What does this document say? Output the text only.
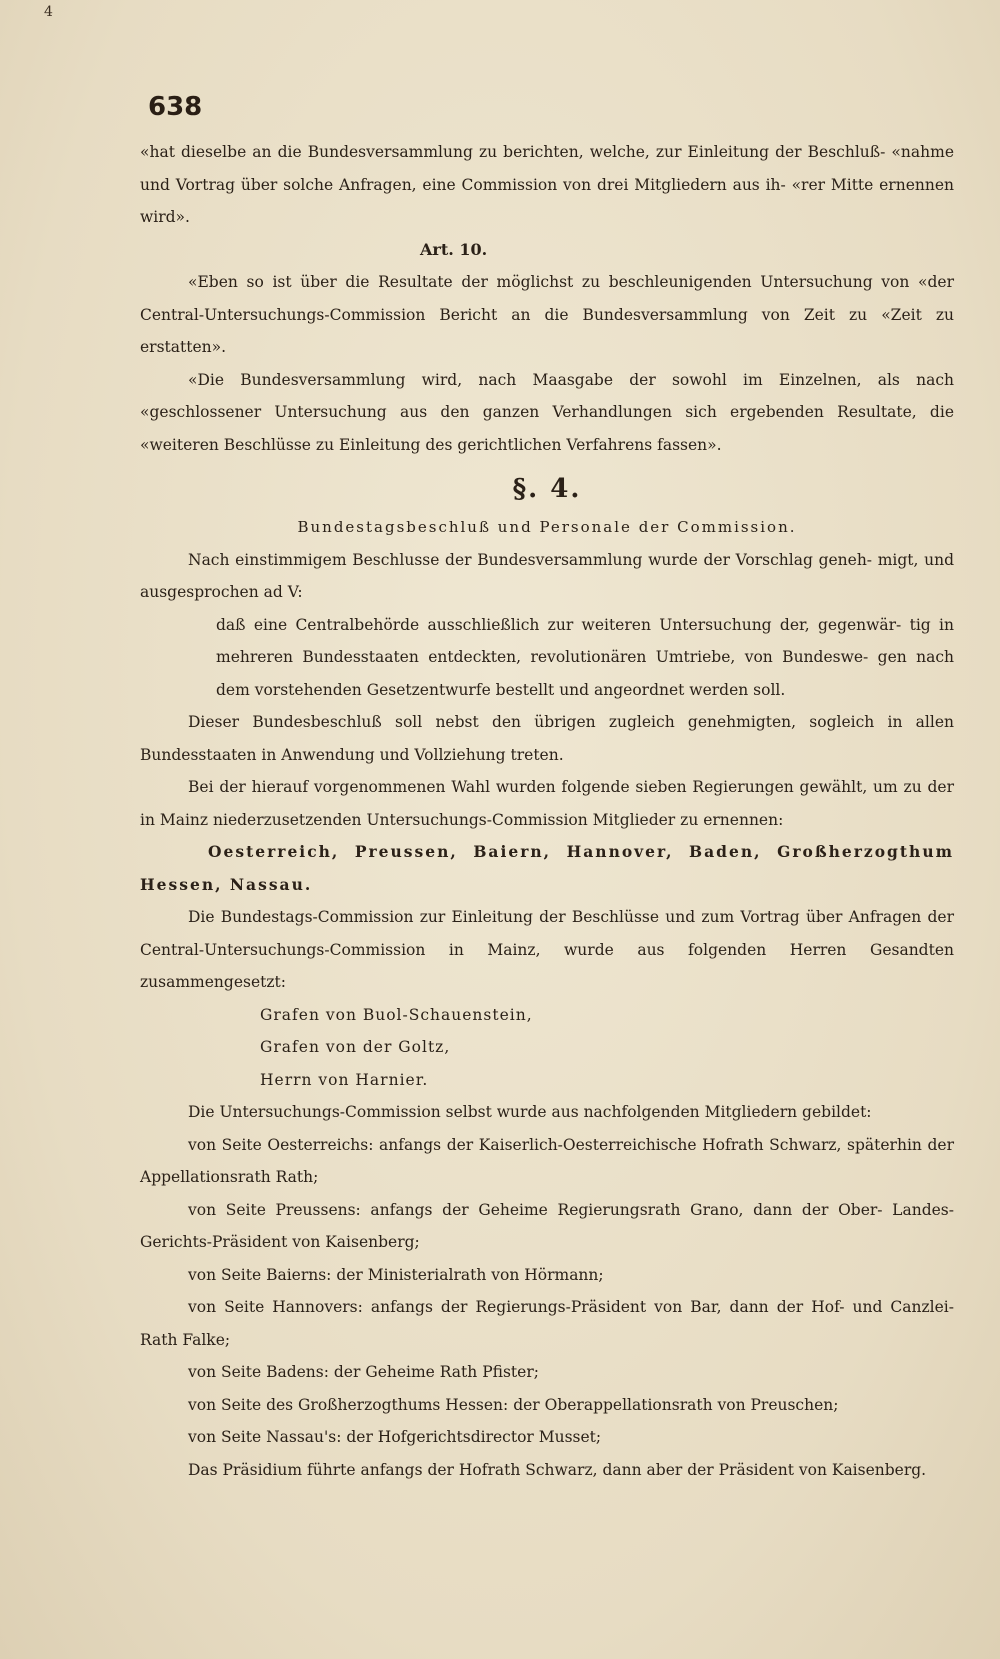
4
638

«hat dieselbe an die Bundesversammlung zu berichten, welche, zur Einleitung der Beschluß- «nahme und Vortrag über solche Anfragen, eine Commission von drei Mitgliedern aus ih- «rer Mitte ernennen wird».

Art. 10.

«Eben so ist über die Resultate der möglichst zu beschleunigenden Untersuchung von «der Central-Untersuchungs-Commission Bericht an die Bundesversammlung von Zeit zu «Zeit zu erstatten».

«Die Bundesversammlung wird, nach Maasgabe der sowohl im Einzelnen, als nach «geschlossener Untersuchung aus den ganzen Verhandlungen sich ergebenden Resultate, die «weiteren Beschlüsse zu Einleitung des gerichtlichen Verfahrens fassen».

§. 4.
Bundestagsbeschluß und Personale der Commission.

Nach einstimmigem Beschlusse der Bundesversammlung wurde der Vorschlag geneh- migt, und ausgesprochen ad V:

daß eine Centralbehörde ausschließlich zur weiteren Untersuchung der, gegenwär- tig in mehreren Bundesstaaten entdeckten, revolutionären Umtriebe, von Bundeswe- gen nach dem vorstehenden Gesetzentwurfe bestellt und angeordnet werden soll.

Dieser Bundesbeschluß soll nebst den übrigen zugleich genehmigten, sogleich in allen Bundesstaaten in Anwendung und Vollziehung treten.

Bei der hierauf vorgenommenen Wahl wurden folgende sieben Regierungen gewählt, um zu der in Mainz niederzusetzenden Untersuchungs-Commission Mitglieder zu ernennen:

Oesterreich, Preussen, Baiern, Hannover, Baden, Großherzogthum Hessen, Nassau.

Die Bundestags-Commission zur Einleitung der Beschlüsse und zum Vortrag über Anfragen der Central-Untersuchungs-Commission in Mainz, wurde aus folgenden Herren Gesandten zusammengesetzt:

Grafen von Buol-Schauenstein,

Grafen von der Goltz,

Herrn von Harnier.

Die Untersuchungs-Commission selbst wurde aus nachfolgenden Mitgliedern gebildet:

von Seite Oesterreichs: anfangs der Kaiserlich-Oesterreichische Hofrath Schwarz, späterhin der Appellationsrath Rath;

von Seite Preussens: anfangs der Geheime Regierungsrath Grano, dann der Ober- Landes-Gerichts-Präsident von Kaisenberg;

von Seite Baierns: der Ministerialrath von Hörmann;

von Seite Hannovers: anfangs der Regierungs-Präsident von Bar, dann der Hof- und Canzlei-Rath Falke;

von Seite Badens: der Geheime Rath Pfister;

von Seite des Großherzogthums Hessen: der Oberappellationsrath von Preuschen;

von Seite Nassau's: der Hofgerichtsdirector Musset;

Das Präsidium führte anfangs der Hofrath Schwarz, dann aber der Präsident von Kaisenberg.
